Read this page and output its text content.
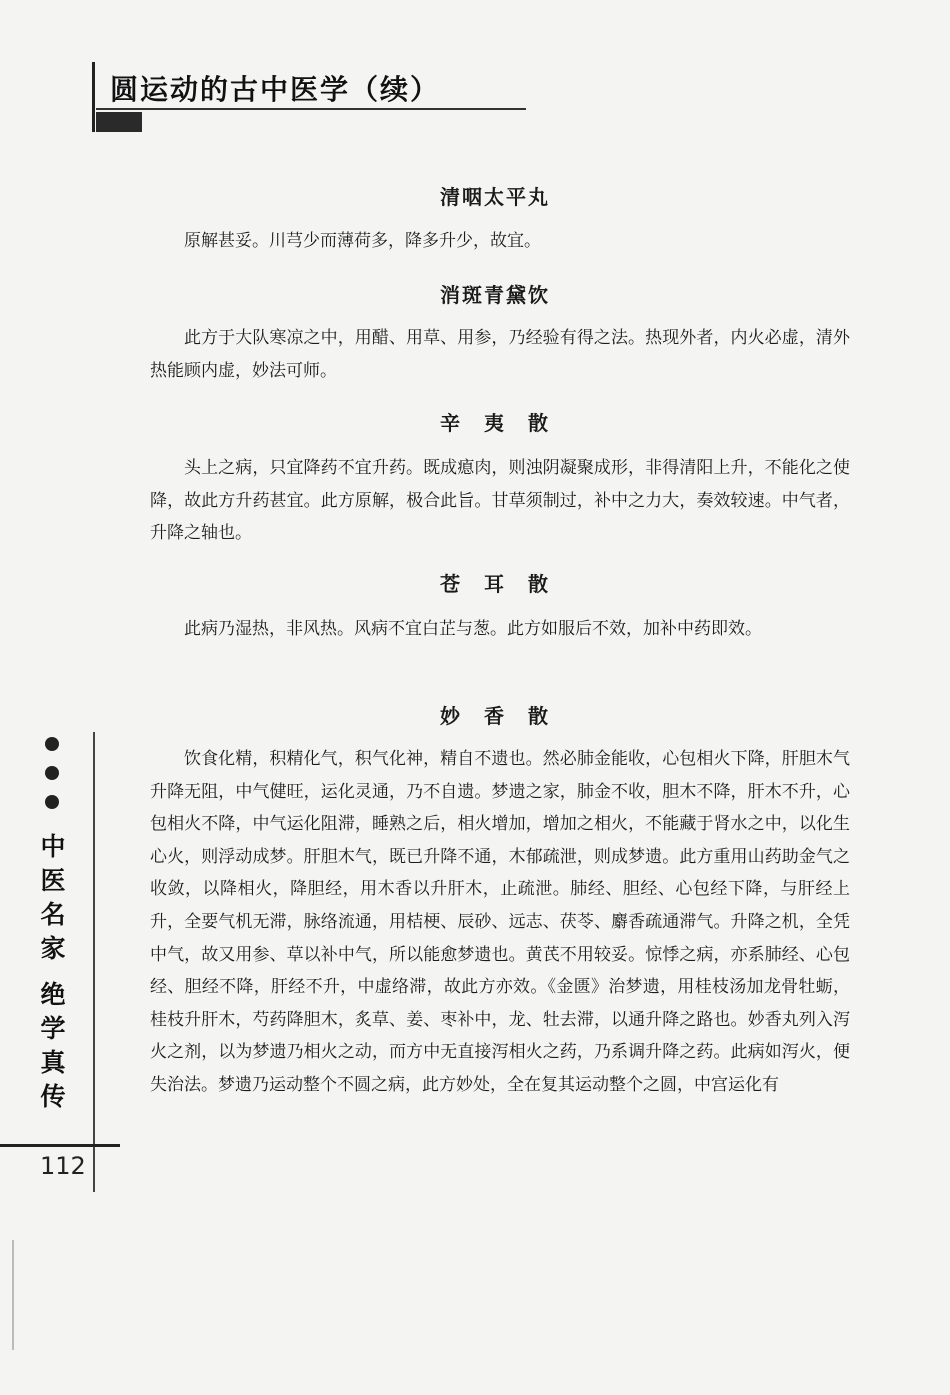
圆运动的古中医学（续）
清咽太平丸
原解甚妥。川芎少而薄荷多，降多升少，故宜。
消斑青黛饮
此方于大队寒凉之中，用醋、用草、用参，乃经验有得之法。热现外者，内火必虚，清外热能顾内虚，妙法可师。
辛　夷　散
头上之病，只宜降药不宜升药。既成瘜肉，则浊阴凝聚成形，非得清阳上升，不能化之使降，故此方升药甚宜。此方原解，极合此旨。甘草须制过，补中之力大，奏效较速。中气者，升降之轴也。
苍　耳　散
此病乃湿热，非风热。风病不宜白芷与葱。此方如服后不效，加补中药即效。
妙　香　散
饮食化精，积精化气，积气化神，精自不遗也。然必肺金能收，心包相火下降，肝胆木气升降无阻，中气健旺，运化灵通，乃不自遗。梦遗之家，肺金不收，胆木不降，肝木不升，心包相火不降，中气运化阻滞，睡熟之后，相火增加，增加之相火，不能藏于肾水之中，以化生心火，则浮动成梦。肝胆木气，既已升降不通，木郁疏泄，则成梦遗。此方重用山药助金气之收敛，以降相火，降胆经，用木香以升肝木，止疏泄。肺经、胆经、心包经下降，与肝经上升，全要气机无滞，脉络流通，用桔梗、辰砂、远志、茯苓、麝香疏通滞气。升降之机，全凭中气，故又用参、草以补中气，所以能愈梦遗也。黄芪不用较妥。惊悸之病，亦系肺经、心包经、胆经不降，肝经不升，中虚络滞，故此方亦效。《金匮》治梦遗，用桂枝汤加龙骨牡蛎，桂枝升肝木，芍药降胆木，炙草、姜、枣补中，龙、牡去滞，以通升降之路也。妙香丸列入泻火之剂，以为梦遗乃相火之动，而方中无直接泻相火之药，乃系调升降之药。此病如泻火，便失治法。梦遗乃运动整个不圆之病，此方妙处，全在复其运动整个之圆，中宫运化有
中医名家
绝学真传
112
